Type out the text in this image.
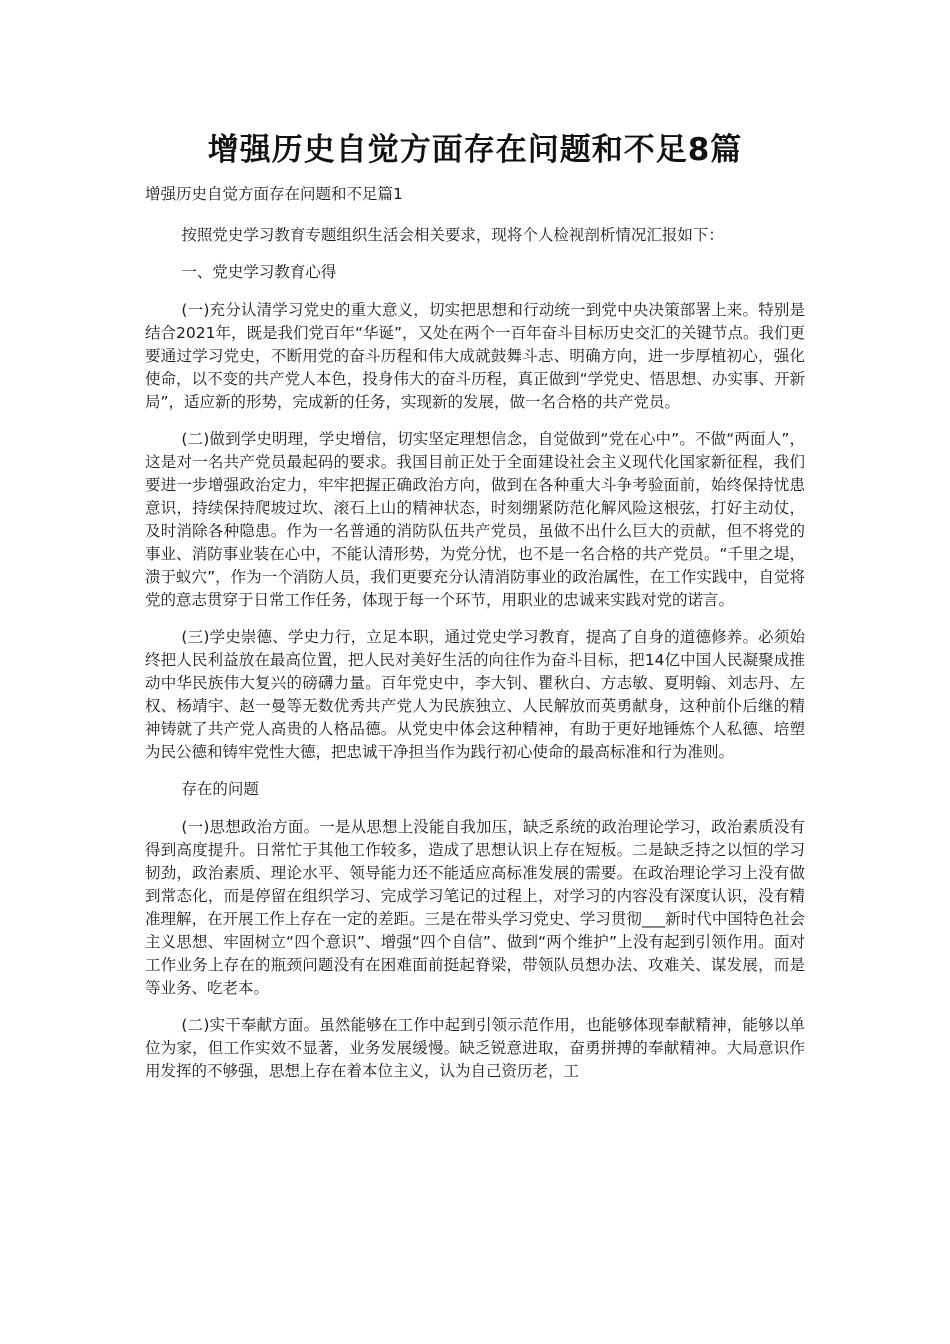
增强历史自觉方面存在问题和不足8篇

增强历史自觉方面存在问题和不足篇1

按照党史学习教育专题组织生活会相关要求，现将个人检视剖析情况汇报如下：

一、党史学习教育心得

(一)充分认清学习党史的重大意义，切实把思想和行动统一到党中央决策部署上来。特别是结合2021年，既是我们党百年“华诞”，又处在两个一百年奋斗目标历史交汇的关键节点。我们更要通过学习党史，不断用党的奋斗历程和伟大成就鼓舞斗志、明确方向，进一步厚植初心，强化使命，以不变的共产党人本色，投身伟大的奋斗历程，真正做到“学党史、悟思想、办实事、开新局”，适应新的形势，完成新的任务，实现新的发展，做一名合格的共产党员。

(二)做到学史明理，学史增信，切实坚定理想信念，自觉做到“党在心中”。不做“两面人”，这是对一名共产党员最起码的要求。我国目前正处于全面建设社会主义现代化国家新征程，我们要进一步增强政治定力，牢牢把握正确政治方向，做到在各种重大斗争考验面前，始终保持忧患意识，持续保持爬坡过坎、滚石上山的精神状态，时刻绷紧防范化解风险这根弦，打好主动仗，及时消除各种隐患。作为一名普通的消防队伍共产党员，虽做不出什么巨大的贡献，但不将党的事业、消防事业装在心中，不能认清形势，为党分忧，也不是一名合格的共产党员。“千里之堤，溃于蚁穴”，作为一个消防人员，我们更要充分认清消防事业的政治属性，在工作实践中，自觉将党的意志贯穿于日常工作任务，体现于每一个环节，用职业的忠诚来实践对党的诺言。

(三)学史崇德、学史力行，立足本职，通过党史学习教育，提高了自身的道德修养。必须始终把人民利益放在最高位置，把人民对美好生活的向往作为奋斗目标，把14亿中国人民凝聚成推动中华民族伟大复兴的磅礴力量。百年党史中，李大钊、瞿秋白、方志敏、夏明翰、刘志丹、左权、杨靖宇、赵一曼等无数优秀共产党人为民族独立、人民解放而英勇献身，这种前仆后继的精神铸就了共产党人高贵的人格品德。从党史中体会这种精神，有助于更好地锤炼个人私德、培塑为民公德和铸牢党性大德，把忠诚干净担当作为践行初心使命的最高标准和行为准则。

存在的问题

(一)思想政治方面。一是从思想上没能自我加压，缺乏系统的政治理论学习，政治素质没有得到高度提升。日常忙于其他工作较多，造成了思想认识上存在短板。二是缺乏持之以恒的学习韧劲，政治素质、理论水平、领导能力还不能适应高标准发展的需要。在政治理论学习上没有做到常态化，而是停留在组织学习、完成学习笔记的过程上，对学习的内容没有深度认识，没有精准理解，在开展工作上存在一定的差距。三是在带头学习党史、学习贯彻___新时代中国特色社会主义思想、牢固树立“四个意识”、增强“四个自信”、做到“两个维护”上没有起到引领作用。面对工作业务上存在的瓶颈问题没有在困难面前挺起脊梁，带领队员想办法、攻难关、谋发展，而是等业务、吃老本。

(二)实干奉献方面。虽然能够在工作中起到引领示范作用，也能够体现奉献精神，能够以单位为家，但工作实效不显著，业务发展缓慢。缺乏锐意进取，奋勇拼搏的奉献精神。大局意识作用发挥的不够强，思想上存在着本位主义，认为自己资历老，工
